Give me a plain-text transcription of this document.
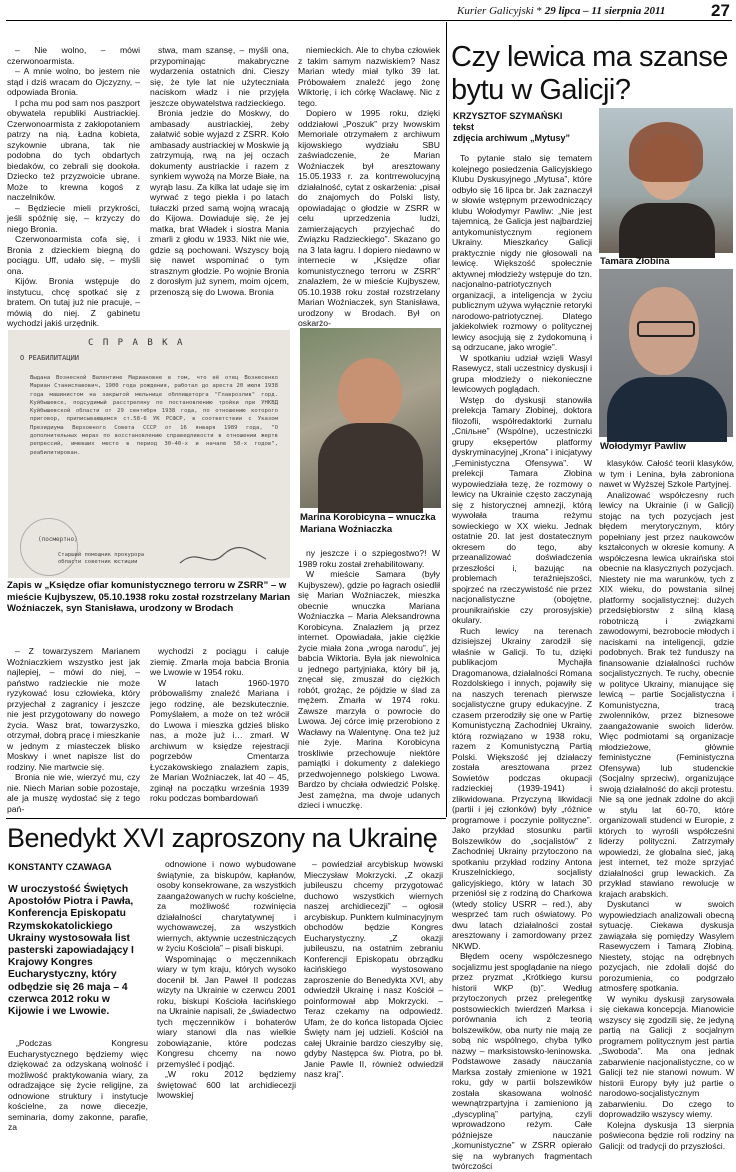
Kurier Galicyjski * 29 lipca – 11 sierpnia 2011	27

– Nie wolno, – mówi czerwonoarmista.

– A mnie wolno, bo jestem nie stąd i dziś wracam do Ojczyzny, – odpowiada Bronia.

I pcha mu pod sam nos paszport obywatela republiki Austriackiej. Czerwonoarmista z zakłopotaniem patrzy na nią. Ładna kobieta, szykownie ubrana, tak nie podobna do tych obdartych biedaków, co zebrali się dookoła. Dziecko też przyzwoicie ubrane. Może to krewna kogoś z naczelników.

– Będziecie mieli przykrości, jeśli spóźnię się, – krzyczy do niego Bronia.

Czerwonoarmista cofa się, i Bronia z dzieckiem biegną do pociągu. Uff, udało się, – myśli ona.

Kijów. Bronia wstępuje do instytucu, chcę spotkać się z bratem. On tutaj już nie pracuje, – mówią do niej. Z gabinetu wychodzi jakiś urzędnik.

stwa, mam szansę, – myśli ona, przypominając makabryczne wydarzenia ostatnich dni. Cieszy się, że tyle lat nie użyteczniała naciskom władz i nie przyjęła jeszcze obywatelstwa radzieckiego.

Bronia jedzie do Moskwy, do ambasady austriackiej, żeby załatwić sobie wyjazd z ZSRR. Koło ambasady austriackiej w Moskwie ją zatrzymują, rwą na jej oczach dokumenty austriackie i razem z synkiem wywożą na Morze Białe, na wyrąb lasu. Za kilka lat udaje się im wyrwać z tego piekła i po latach tułaczki przed samą wojną wracają do Kijowa. Dowiaduje się, że jej matka, brat Władek i siostra Mania zmarli z głodu w 1933. Nikt nie wie, gdzie są pochowani. Wszyscy boją się nawet wspominać o tym strasznym głodzie. Po wojnie Bronia z dorosłym już synem, moim ojcem, przenoszą się do Lwowa. Bronia

niemieckich. Ale to chyba człowiek z takim samym nazwiskiem? Nasz Marian wtedy miał tylko 39 lat. Próbowałem znaleźć jego żonę Wiktorię, i ich córkę Wacławę. Nic z tego.

Dopiero w 1995 roku, dzięki oddziałowi „Poszuk” przy lwowskim Memoriale otrzymałem z archiwum kijowskiego wydziału SBU zaświadczenie, że Marian Woźniaczek był aresztowany 15.05.1933 r. za kontrrewolucyjną działalność, cytat z oskarżenia: „pisał do znajomych do Polski listy, opowiadając o głodzie w ZSRR w celu uprzedzenia ludzi, zamierzających przyjechać do Związku Radzieckiego”. Skazano go na 3 lata łagru. I dopiero niedawno w internecie w „Księdze ofiar komunistycznego terroru w ZSRR” znalazłem, że w mieście Kujbyszew, 05.10.1938 roku został rozstrzelany Marian Woźniaczek, syn Stanisława, urodzony w Brodach. Był on oskarżo-

С П Р А В К А
О РЕАБИЛИТАЦИИ
Выдана Вознесной Валентине Мариановне в том, что её отец Вознесенко Мариан Станиславович, 1900 года рождения, работал до ареста 20 июля 1938 года машинистом на закрытой мельнице облпищеторга "Главрозлив" горд. Куйбышевск, подсудимый расстреляну по постановлению тройки при УНКВД Куйбышевской области от 29 сентября 1938 года, по отношению которого приговор, приписывающемся ст.58-6 УК РСФСР, в соответствии с Указом Президиума Верховного Совета СССР от 16 января 1989 года, "О дополнительных мерах по восстановлению справедливости в отношении жертв репрессий, имевших место в период 30-40-х и начале 50-х годов", реабилитирован.
(посмертно)
Старший помощник прокурора области советник юстиции
Marina Korobicyna – wnuczka Mariana Woźniaczka
Zapis w „Księdze ofiar komunistycznego terroru w ZSRR” – w mieście Kujbyszew, 05.10.1938 roku został rozstrzelany Marian Woźniaczek, syn Stanisława, urodzony w Brodach

– Z towarzyszem Marianem Woźniaczkiem wszystko jest jak najlepiej, – mówi do niej, – państwo radzieckie nie może ryzykować losu człowieka, który przyjechał z zagranicy i jeszcze nie jest przygotowany do nowego życia. Wasz brat, towarzyszko, otrzymał, dobrą pracę i mieszkanie w jednym z miasteczek blisko Moskwy i wnet napisze list do rodziny. Nie martwcie się.

Bronia nie wie, wierzyć mu, czy nie. Niech Marian sobie pozostaje, ale ja muszę wydostać się z tego pań-

wychodzi z pociągu i całuje ziemię. Zmarła moja babcia Bronia we Lwowie w 1954 roku.

W latach 1960-1970 próbowaliśmy znaleźć Mariana i jego rodzinę, ale bezskutecznie. Pomyślałem, a może on też wrócił do Lwowa i mieszka gdzieś blisko nas, a może już i… zmarł. W archiwum w księdze rejestracji pogrzebów Cmentarza Łyczakowskiego znalazłem zapis, że Marian Woźniaczek, lat 40 – 45, zginął na początku września 1939 roku podczas bombardowań

ny jeszcze i o szpiegostwo?! W 1989 roku został zrehabilitowany.

W mieście Samara (były Kujbyszew), gdzie po łagrach osiedlił się Marian Woźniaczek, mieszka obecnie wnuczka Mariana Woźniaczka – Maria Aleksandrowna Korobicyna. Znalazłem ją przez internet. Opowiadała, jakie ciężkie życie miała żona „wroga narodu”, jej babcia Wiktoria. Była jak niewolnica u jednego partyjniaka, który bił ją, znęcał się, zmuszał do ciężkich robót, grożąc, że pójdzie w ślad za mężem. Zmarła w 1974 roku. Zawsze marzyła o powrocie do Lwowa. Jej córce imię przerobiono z Wacławy na Walentynę. Ona też już nie żyje. Marina Korobicyna troskliwie przechowuje niektóre pamiątki i dokumenty z dalekiego przedwojennego polskiego Lwowa. Bardzo by chciała odwiedzić Polskę. Jest zamężna, ma dwoje udanych dzieci i wnuczkę.

Czy lewica ma szanse bytu w Galicji?
KRZYSZTOF SZYMAŃSKI
tekst
zdjęcia archiwum „Mytusy”
Tamara Złobina
Wołodymyr Pawliw

To pytanie stało się tematem kolejnego posiedzenia Galicyjskiego Klubu Dyskusyjnego „Mytusa”, które odbyło się 16 lipca br. Jak zaznaczył w słowie wstępnym przewodniczący klubu Wołodymyr Pawliw: „Nie jest tajemnicą, że Galicja jest najbardziej antykomunistycznym regionem Ukrainy. Mieszkańcy Galicji praktycznie nigdy nie głosowali na lewicę. Większość społecznie aktywnej młodzieży wstępuje do tzn. nacjonalno-patriotycznych organizacji, a inteligencja w życiu publicznym używa wyłącznie retoryki narodowo-patriotycznej. Dlatego jakiekolwiek rozmowy o politycznej lewicy asocjują się z żydokomuną i są odrzucane, jako wrogie”.

W spotkaniu udział wzięli Wasyl Rasewycz, stali uczestnicy dyskusji i grupa młodzieży o niekonieczne lewicowych poglądach.

Wstęp do dyskusji stanowiła prelekcja Tamary Złobinej, doktora filozofii, współredaktorki żurnalu „Спільне” (Wspólne), uczestniczki grupy eksępertów platformy dyskryminacyjnej „Krona” i inicjatywy „Feministyczna Ofensywa”. W prelekcji Tamara Złobina wypowiedziała tezę, że rozmowy o lewicy na Ukrainie często zaczynają się z historycznej amnezji, którą wywołała trauma reżymu sowieckiego w XX wieku. Jednak ostatnie 20. lat jest dostatecznym okresem do tego, aby przeanalizować doświadczenia przeszłości i, bazując na problemach teraźniejszości, spojrzeć na rzeczywistość nie przez nacjonalistyczne (obojętne, prounikraińskie czy prorosyjskie) okulary.

Ruch lewicy na terenach dzisiejszej Ukrainy zarodził się właśnie w Galicji. To tu, dzięki publikacjom Mychajła Dragomanowa, działalności Romana Rozdolskiego i innych, pojawiły się na naszych terenach pierwsze socjalistyczne grupy edukacyjne. Z czasem przerodziły się one w Partię Komunistyczną Zachodniej Ukrainy, którą rozwiązano w 1938 roku, razem z Komunistyczną Partią Polski. Większość jej działaczy została aresztowana przez Sowietów podczas okupacji radzieckiej (1939-1941) i zlikwidowana. Przyczyną likwidacji (partii i jej członków) były „różnice programowe i poczynie polityczne”. Jako przykład stosunku partii Bolszewików do „socjalistów” z Zachodniej Ukrainy przytoczono na spotkaniu przykład rodziny Antona Kruszelnickiego, socjalisty galicyjskiego, który w latach 30 przeniósł się z rodziną do Charkowa (wtedy stolicy USRR – red.), aby wesprzeć tam ruch oświatowy. Po dwu latach działalności został aresztowany i zamordowany przez NKWD.

Błędem oceny współczesnego socjalizmu jest spoglądanie na niego przez pryzmat „Krótkiego kursu historii WKP (b)”. Według przytoczonych przez prelegentkę postsowieckich twierdzeń Marksa i porównania ich z teorią bolszewików, oba nurty nie mają ze sobą nic wspólnego, chyba tylko nazwy – marksistowsko-leninowska. Podstawowe zasady nauczania Marksa zostały zmienione w 1921 roku, gdy w partii bolszewików została skasowana wolność wewnątrzpartyjna i zamieniono ją „dyscypliną” partyjną, czyli wprowadzono reżym. Całe późniejsze nauczanie „komunistyczne” w ZSRR opierało się na wybranych fragmentach twórczości

klasyków. Całość teorii klasyków, w tym i Lenina, była zabroniona nawet w Wyższej Szkole Partyjnej.

Analizować współczesny ruch lewicy na Ukrainie (i w Galicji) stojąc na tych pozycjach jest błędem merytorycznym, który popełniany jest przez naukowców kształconych w okresie komuny. A współczesna lewica ukraińska stoi obecnie na klasycznych pozycjach. Niestety nie ma warunków, tych z XIX wieku, do powstania silnej platformy socjalistycznej: dużych przedsiębiorstw z silną klasą robotniczą i związkami zawodowymi, bezrobocie młodych i naciskami na inteligencji, gdzie podobnych. Brak też funduszy na finansowanie działalności ruchów socjalistycznych. Te ruchy, obecnie w polityce Ukrainy, mianujące się lewicą – partie Socjalistyczna i Komunistyczna, tracą zwolenników, przez biznesowe zaangażowanie swoich liderów. Więc podmiotami są organizacje młodzieżowe, głównie feministyczne (Feministyczna Ofensywa) lub studenckie (Socjalny sprzeciw), organizujące swoją działalność do akcji protestu. Nie są one jednak zdolne do akcji w stylu lat 60-70, które organizowali studenci w Europie, z których to wyrośli współcześni liderzy polityczni. Zatrzymały wpowiedzi, że globalna sieć, jaką jest internet, też może sprzyjać działalności grup lewackich. Za przykład stawiano rewolucje w krajach arabskich.

Dyskutanci w swoich wypowiedziach analizowali obecną sytuację. Ciekawa dyskusja zawiązała się pomiędzy Wasylem Rasewyczem i Tamarą Złobiną. Niestety, stojąc na odrębnych pozycjach, nie zdołali dojść do porozumienia, co podgrzało atmosferę spotkania.

W wyniku dyskusji zarysowała się ciekawa koncepcja. Mianowicie wszyscy się zgodzili się, że jedyną partią na Galicji z socjalnym programem politycznym jest partia „Swoboda”. Ma ona jednak zabarwienie nacjonalistyczne, co w Galicji też nie stanowi nowum. W historii Europy były już partie o narodowo-socjalistycznym zabarwieniu. Do czego to doprowadziło wszyscy wiemy.

Kolejna dyskusja 13 sierpnia poświecona będzie roli rodziny na Galicji: od tradycji do przyszłości.

Benedykt XVI zaproszony na Ukrainę
KONSTANTY CZAWAGA
W uroczystość Świętych Apostołów Piotra i Pawła, Konferencja Episkopatu Rzymskokatolickiego Ukrainy wystosowała list pasterski zapowiadający I Krajowy Kongres Eucharystyczny, który odbędzie się 26 maja – 4 czerwca 2012 roku w Kijowie i we Lwowie.

„Podczas Kongresu Eucharystycznego będziemy więc dziękować za odzyskaną wolność i możliwość praktykowania wiary, za odradzające się życie religijne, za odnowione struktury i instytucje kościelne, za nowe diecezje, seminaria, domy zakonne, parafie, za

odnowione i nowo wybudowane świątynie, za biskupów, kapłanów, osoby konsekrowane, za wszystkich zaangażowanych w ruchy kościelne, za możliwość rozwinięcia działalności charytatywnej i wychowawczej, za wszystkich wiernych, aktywnie uczestniczących w życiu Kościoła” – pisali biskupi.

Wspominając o męczennikach wiary w tym kraju, których wysoko docenił bł. Jan Paweł II podczas wizyty na Ukrainie w czerwcu 2001 roku, biskupi Kościoła łacińskiego na Ukrainie napisali, że „świadectwo tych męczenników i bohaterów wiary stanowi dla nas wielkie zobowiązanie, które podczas Kongresu chcemy na nowo przemyśleć i podjąć.

„W roku 2012 będziemy świętować 600 lat archidiecezji lwowskiej

– powiedział arcybiskup lwowski Mieczysław Mokrzycki. „Z okazji jubileuszu chcemy przygotować duchowo wszystkich wiernych naszej archidiecezji” – ogłosił arcybiskup. Punktem kulminacyjnym obchodów będzie Kongres Eucharystyczny. „Z okazji jubileuszu, na ostatnim zebraniu Konferencji Episkopatu obrządku łacińskiego wystosowano zaproszenie do Benedykta XVI, aby odwiedził Ukrainę i nasz Kościół – poinformował abp Mokrzycki. – Teraz czekamy na odpowiedź. Ufam, że do końca listopada Ojciec Święty nam jej udzieli. Kościół na całej Ukrainie bardzo cieszyłby się, gdyby Następca św. Piotra, po bł. Janie Pawle II, również odwiedził nasz kraj”.
